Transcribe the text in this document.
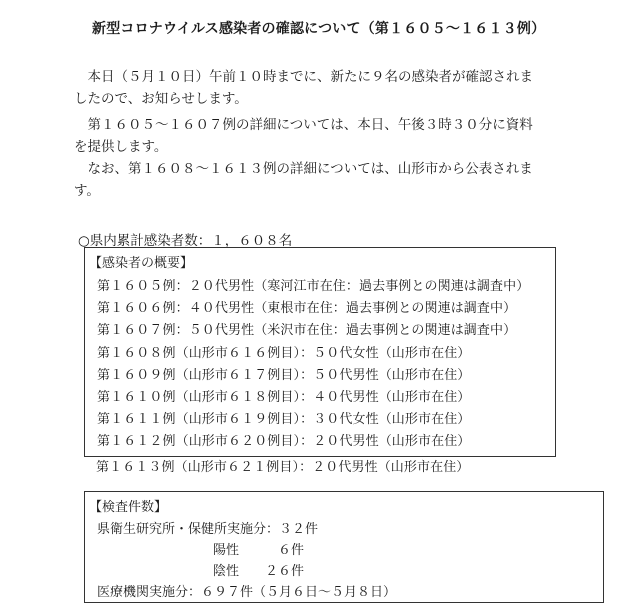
新型コロナウイルス感染者の確認について（第１６０５～１６１３例）
　本日（５月１０日）午前１０時までに、新たに９名の感染者が確認されま
したので、お知らせします。
　第１６０５～１６０７例の詳細については、本日、午後３時３０分に資料
を提供します。
　なお、第１６０８～１６１３例の詳細については、山形市から公表されま
す。
○県内累計感染者数：１，６０８名
【感染者の概要】
第１６０５例：２０代男性（寒河江市在住：過去事例との関連は調査中）
第１６０６例：４０代男性（東根市在住：過去事例との関連は調査中）
第１６０７例：５０代男性（米沢市在住：過去事例との関連は調査中）
第１６０８例（山形市６１６例目）：５０代女性（山形市在住）
第１６０９例（山形市６１７例目）：５０代男性（山形市在住）
第１６１０例（山形市６１８例目）：４０代男性（山形市在住）
第１６１１例（山形市６１９例目）：３０代女性（山形市在住）
第１６１２例（山形市６２０例目）：２０代男性（山形市在住）
第１６１３例（山形市６２１例目）：２０代男性（山形市在住）
【検査件数】
県衛生研究所・保健所実施分：３２件
陽性　　　６件
陰性　　２６件
医療機関実施分：６９７件（５月６日～５月８日）
